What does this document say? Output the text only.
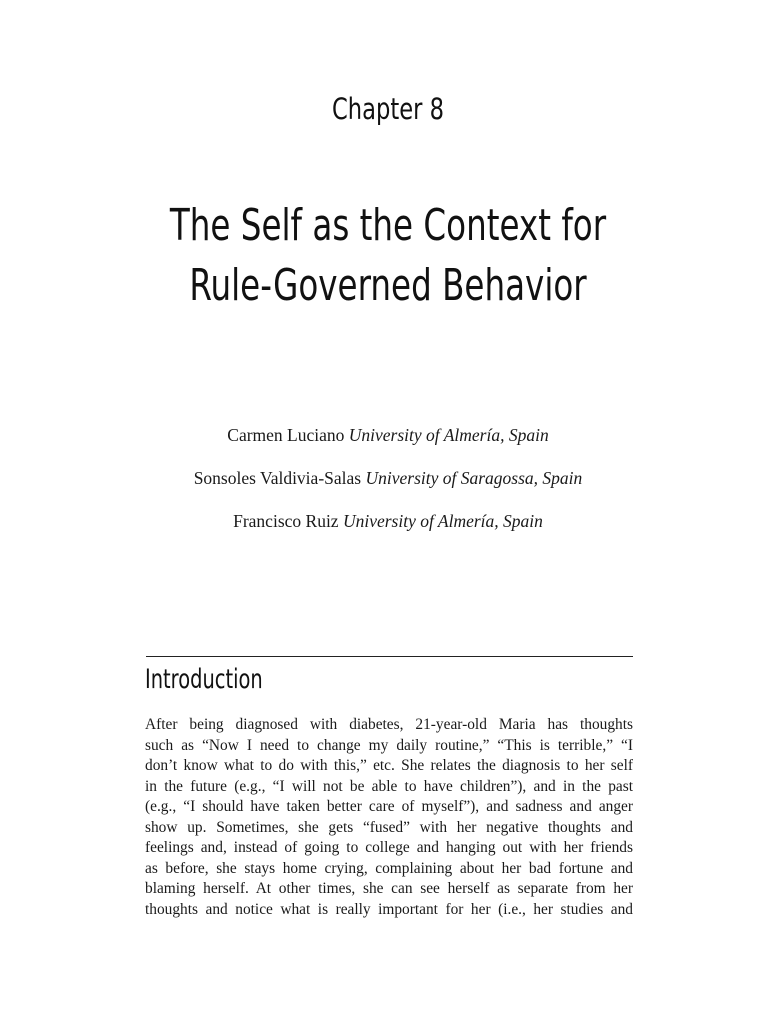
Chapter 8
The Self as the Context for
Rule-Governed Behavior
Carmen Luciano University of Almería, Spain
Sonsoles Valdivia-Salas University of Saragossa, Spain
Francisco Ruiz University of Almería, Spain
Introduction

After being diagnosed with diabetes, 21-year-old Maria has thoughts
such as “Now I need to change my daily routine,” “This is terrible,” “I
don’t know what to do with this,” etc. She relates the diagnosis to her self
in the future (e.g., “I will not be able to have children”), and in the past
(e.g., “I should have taken better care of myself”), and sadness and anger
show up. Sometimes, she gets “fused” with her negative thoughts and
feelings and, instead of going to college and hanging out with her friends
as before, she stays home crying, complaining about her bad fortune and
blaming herself. At other times, she can see herself as separate from her
thoughts and notice what is really important for her (i.e., her studies and
